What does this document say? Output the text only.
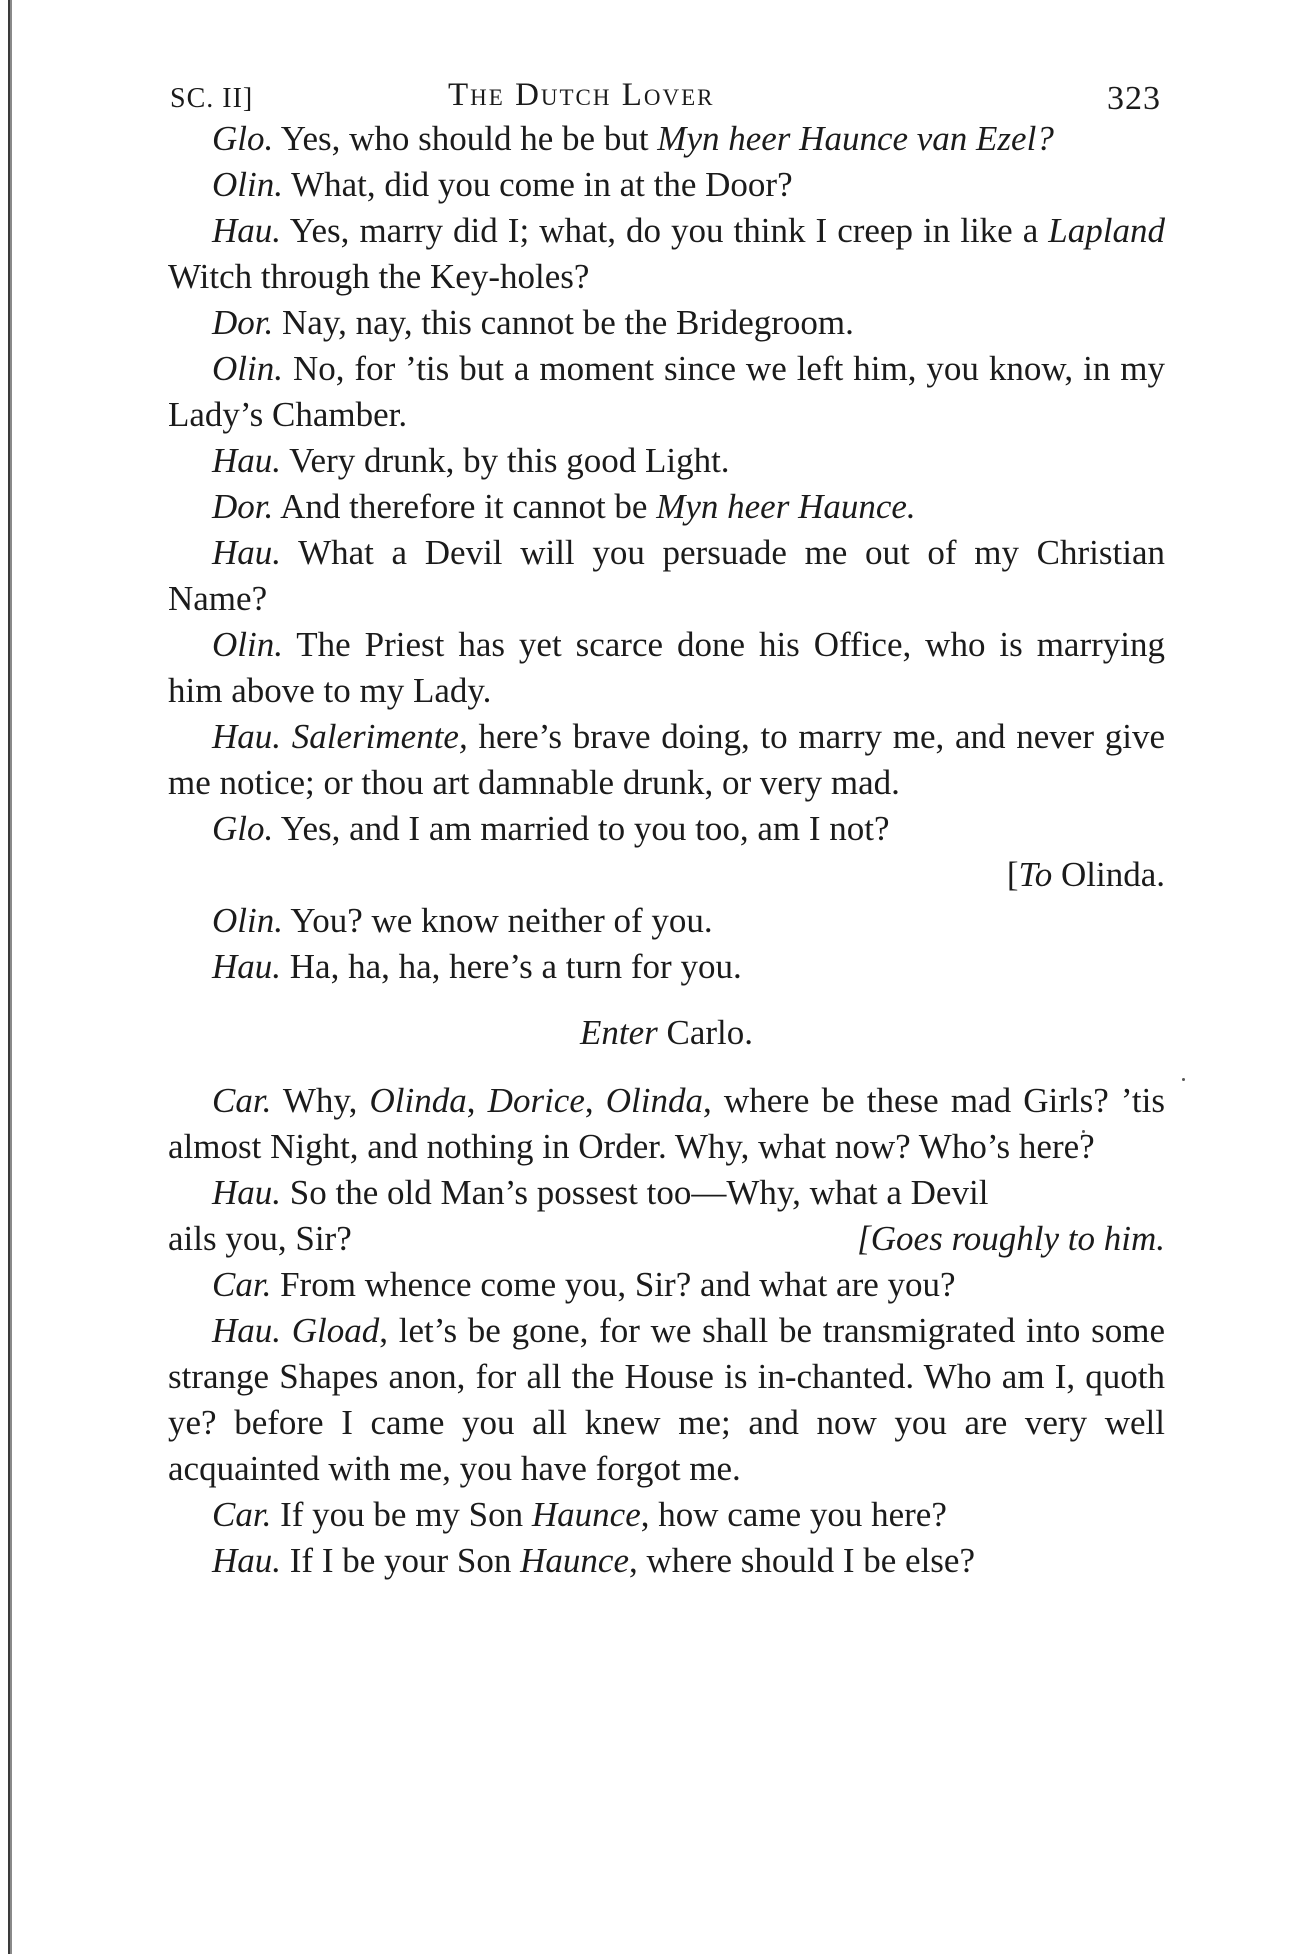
SC. II]	The Dutch Lover	323

Glo. Yes, who should he be but Myn heer Haunce van Ezel?

Olin. What, did you come in at the Door?

Hau. Yes, marry did I; what, do you think I creep in like a Lapland Witch through the Key-holes?

Dor. Nay, nay, this cannot be the Bridegroom.

Olin. No, for ’tis but a moment since we left him, you know, in my Lady’s Chamber.

Hau. Very drunk, by this good Light.

Dor. And therefore it cannot be Myn heer Haunce.

Hau. What a Devil will you persuade me out of my Christian Name?

Olin. The Priest has yet scarce done his Office, who is marrying him above to my Lady.

Hau. Salerimente, here’s brave doing, to marry me, and never give me notice; or thou art damnable drunk, or very mad.

Glo. Yes, and I am married to you too, am I not?

[To Olinda.

Olin. You? we know neither of you.

Hau. Ha, ha, ha, here’s a turn for you.

Enter Carlo.

Car. Why, Olinda, Dorice, Olinda, where be these mad Girls? ’tis almost Night, and nothing in Order. Why, what now? Who’s here?

Hau. So the old Man’s possest too—Why, what a Devil

ails you, Sir?	[Goes roughly to him.

Car. From whence come you, Sir? and what are you?

Hau. Gload, let’s be gone, for we shall be transmigrated into some strange Shapes anon, for all the House is in-chanted. Who am I, quoth ye? before I came you all knew me; and now you are very well acquainted with me, you have forgot me.

Car. If you be my Son Haunce, how came you here?

Hau. If I be your Son Haunce, where should I be else?
